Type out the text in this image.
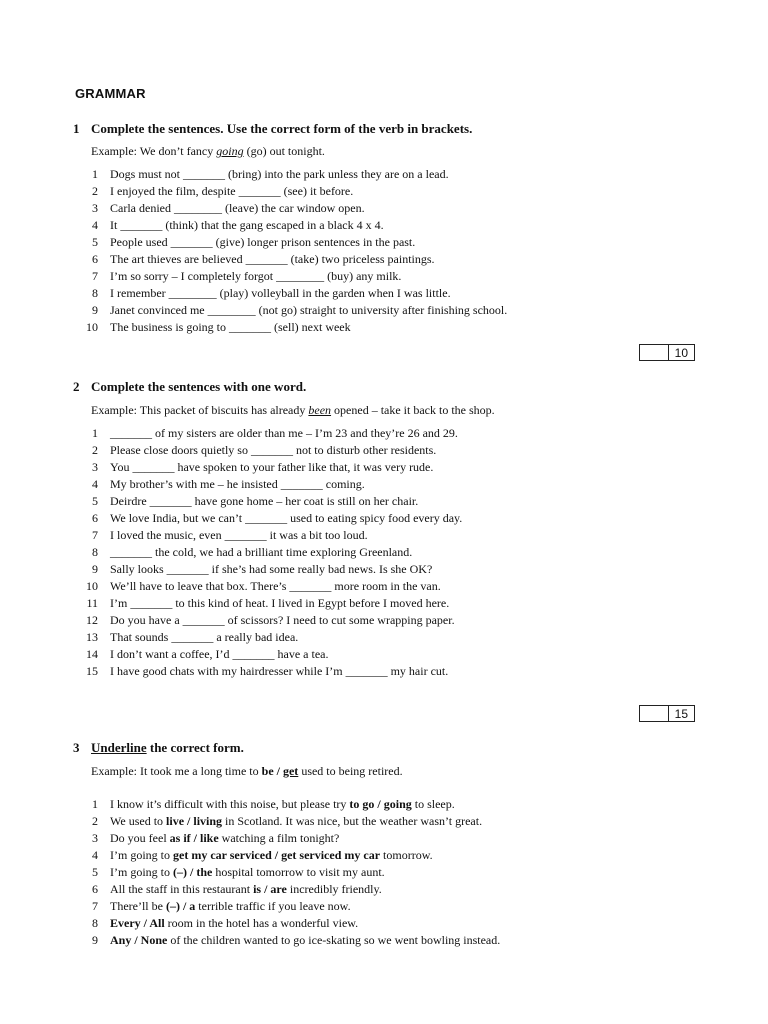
GRAMMAR
1 Complete the sentences. Use the correct form of the verb in brackets.
Example: We don’t fancy going (go) out tonight.
1 Dogs must not _______ (bring) into the park unless they are on a lead.
2 I enjoyed the film, despite _______ (see) it before.
3 Carla denied ________ (leave) the car window open.
4 It _______ (think) that the gang escaped in a black 4 x 4.
5 People used _______ (give) longer prison sentences in the past.
6 The art thieves are believed _______ (take) two priceless paintings.
7 I’m so sorry – I completely forgot ________ (buy) any milk.
8 I remember ________ (play) volleyball in the garden when I was little.
9 Janet convinced me ________ (not go) straight to university after finishing school.
10 The business is going to _______ (sell) next week
10
2 Complete the sentences with one word.
Example: This packet of biscuits has already been opened – take it back to the shop.
1 _______ of my sisters are older than me – I’m 23 and they’re 26 and 29.
2 Please close doors quietly so _______ not to disturb other residents.
3 You _______ have spoken to your father like that, it was very rude.
4 My brother’s with me – he insisted _______ coming.
5 Deirdre _______ have gone home – her coat is still on her chair.
6 We love India, but we can’t _______ used to eating spicy food every day.
7 I loved the music, even _______ it was a bit too loud.
8 _______ the cold, we had a brilliant time exploring Greenland.
9 Sally looks _______ if she’s had some really bad news. Is she OK?
10 We’ll have to leave that box. There’s _______ more room in the van.
11 I’m _______ to this kind of heat. I lived in Egypt before I moved here.
12 Do you have a _______ of scissors? I need to cut some wrapping paper.
13 That sounds _______ a really bad idea.
14 I don’t want a coffee, I’d _______ have a tea.
15 I have good chats with my hairdresser while I’m _______ my hair cut.
15
3 Underline the correct form.
Example: It took me a long time to be / get used to being retired.
1 I know it’s difficult with this noise, but please try to go / going to sleep.
2 We used to live / living in Scotland. It was nice, but the weather wasn’t great.
3 Do you feel as if / like watching a film tonight?
4 I’m going to get my car serviced / get serviced my car tomorrow.
5 I’m going to (–) / the hospital tomorrow to visit my aunt.
6 All the staff in this restaurant is / are incredibly friendly.
7 There’ll be (–) / a terrible traffic if you leave now.
8 Every / All room in the hotel has a wonderful view.
9 Any / None of the children wanted to go ice-skating so we went bowling instead.
